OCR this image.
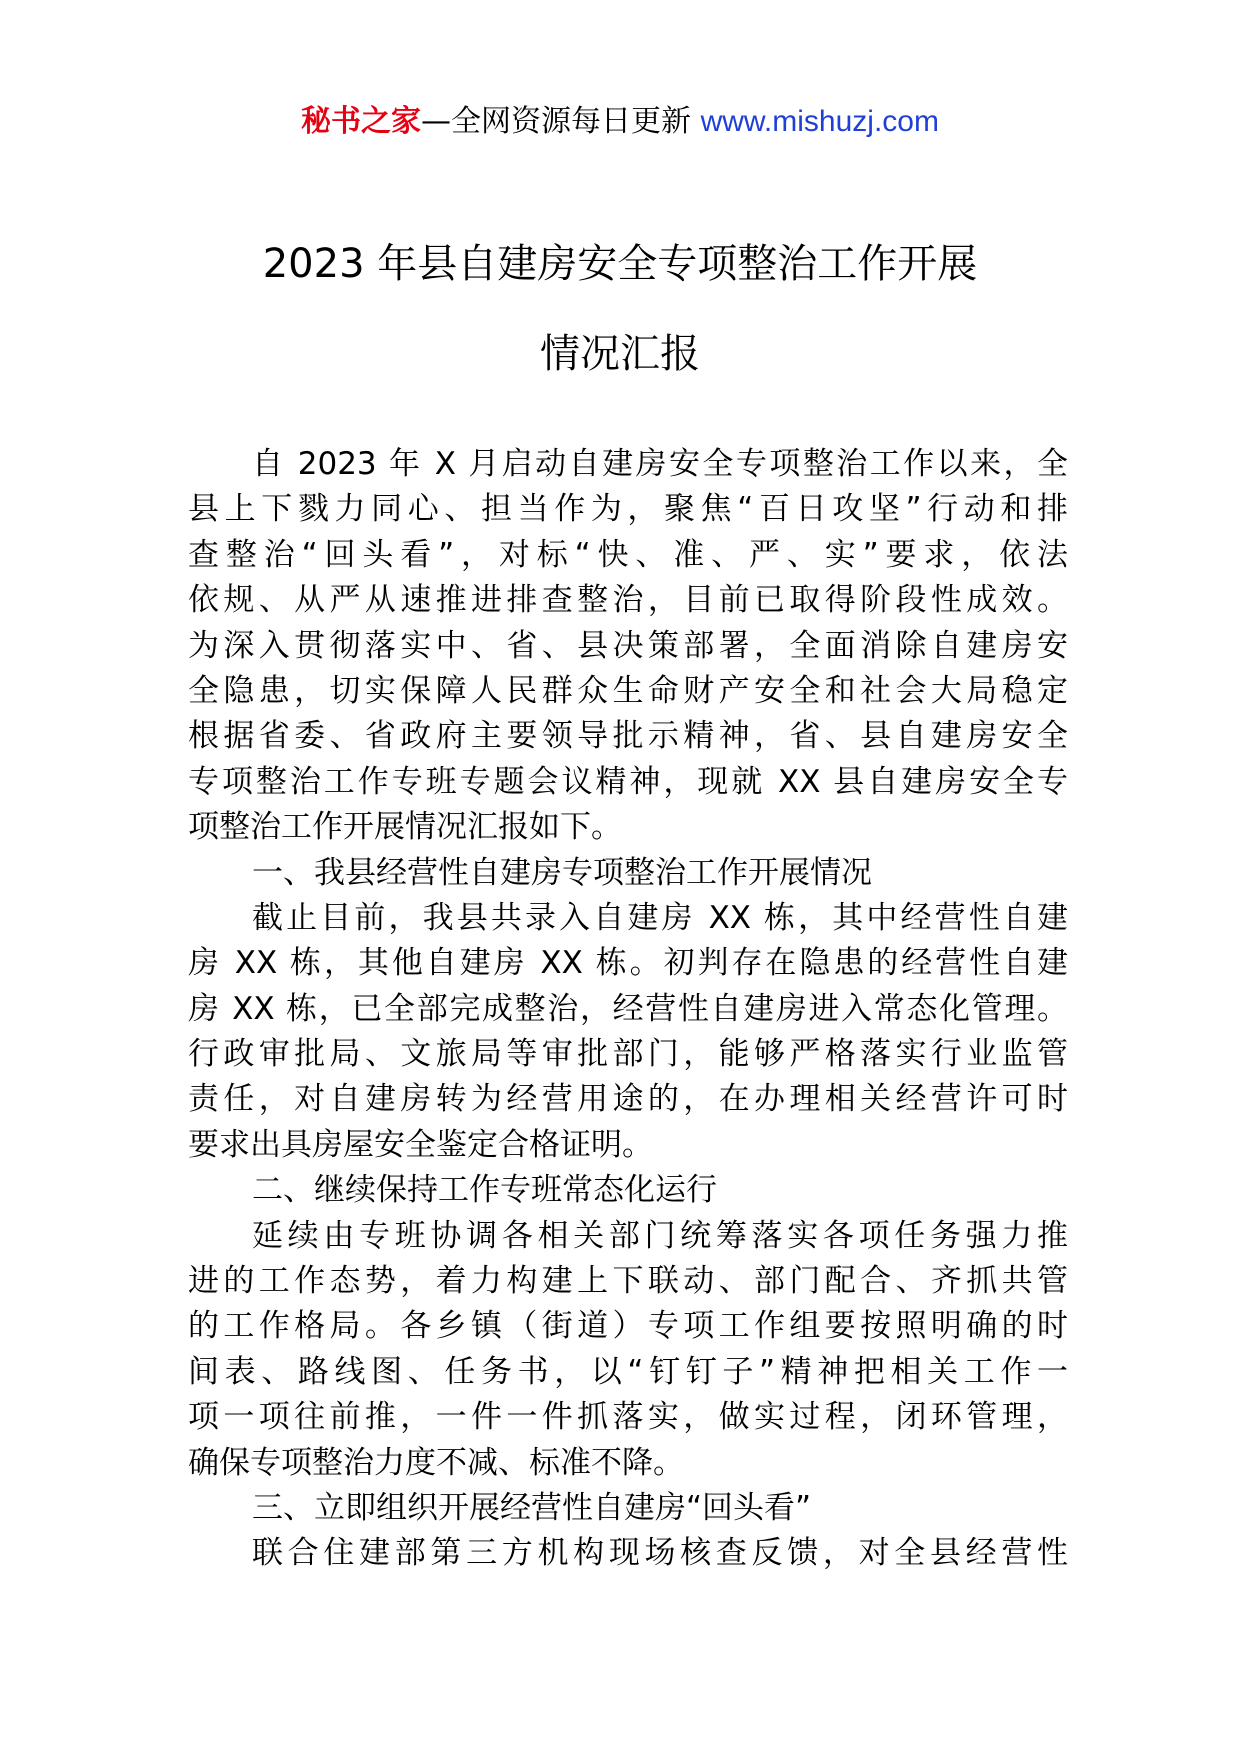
秘书之家—全网资源每日更新 www.mishuzj.com
2023 年县自建房安全专项整治工作开展
情况汇报
自 2023 年 X 月启动自建房安全专项整治工作以来，全
县上下戮力同心、担当作为，聚焦“百日攻坚”行动和排
查整治“回头看”，对标“快、准、严、实”要求，依法
依规、从严从速推进排查整治，目前已取得阶段性成效。
为深入贯彻落实中、省、县决策部署，全面消除自建房安
全隐患，切实保障人民群众生命财产安全和社会大局稳定
根据省委、省政府主要领导批示精神，省、县自建房安全
专项整治工作专班专题会议精神，现就 XX 县自建房安全专
项整治工作开展情况汇报如下。
一、我县经营性自建房专项整治工作开展情况
截止目前，我县共录入自建房 XX 栋，其中经营性自建
房 XX 栋，其他自建房 XX 栋。初判存在隐患的经营性自建
房 XX 栋，已全部完成整治，经营性自建房进入常态化管理。
行政审批局、文旅局等审批部门，能够严格落实行业监管
责任，对自建房转为经营用途的，在办理相关经营许可时
要求出具房屋安全鉴定合格证明。
二、继续保持工作专班常态化运行
延续由专班协调各相关部门统筹落实各项任务强力推
进的工作态势，着力构建上下联动、部门配合、齐抓共管
的工作格局。各乡镇（街道）专项工作组要按照明确的时
间表、路线图、任务书，以“钉钉子”精神把相关工作一
项一项往前推，一件一件抓落实，做实过程，闭环管理，
确保专项整治力度不减、标准不降。
三、立即组织开展经营性自建房“回头看”
联合住建部第三方机构现场核查反馈，对全县经营性
